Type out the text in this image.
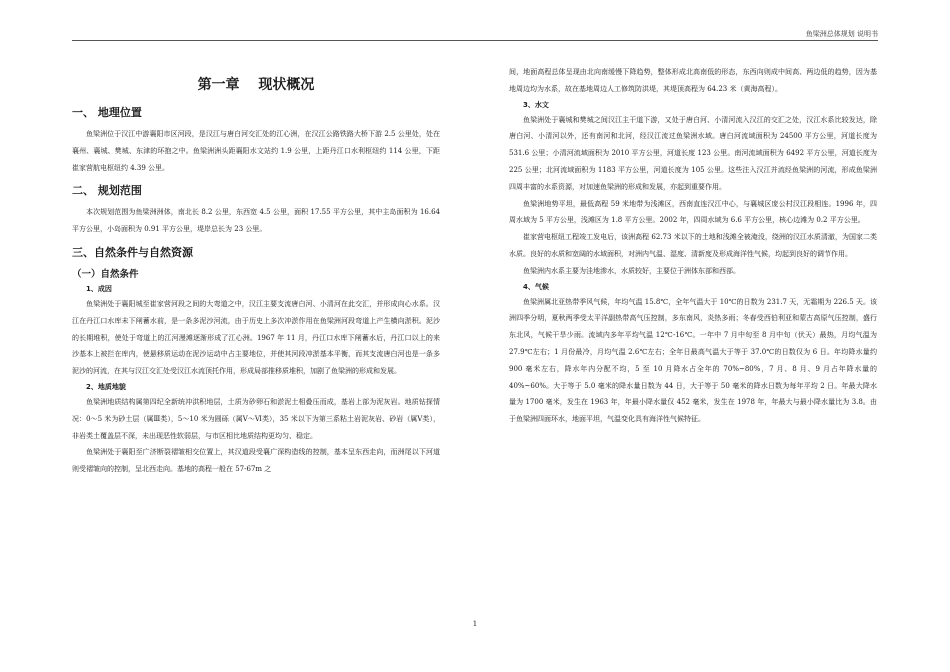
鱼梁洲总体规划 说明书
第一章 现状概况
一、 地理位置

鱼梁洲位于汉江中游襄阳市区河段，是汉江与唐白河交汇处的江心洲，在汉江公路铁路大桥下游 2.5 公里处，处在襄州、襄城、樊城、东津的环抱之中。鱼梁洲洲头距襄阳水文站约 1.9 公里，上距丹江口水利枢纽约 114 公里，下距崔家营航电枢纽约 4.39 公里。

二、 规划范围

本次规划范围为鱼梁洲洲体，南北长 8.2 公里，东西宽 4.5 公里，面积 17.55 平方公里，其中主岛面积为 16.64 平方公里，小岛面积为 0.91 平方公里，堤岸总长为 23 公里。

三、自然条件与自然资源
（一）自然条件
1、成因

鱼梁洲处于襄阳城至崔家营河段之间的大弯道之中，汉江主要支流唐白河、小清河在此交汇，并形成向心水系。汉江在丹江口水库未下闸蓄水前，是一条多泥沙河流，由于历史上多次冲淤作用在鱼梁洲河段弯道上产生横向淤积。泥沙的长期堆积，使处于弯道上的江河漫滩逐渐形成了江心洲。1967 年 11 月，丹江口水库下闸蓄水后，丹江口以上的来沙基本上被拦在库内，使悬移质运动在泥沙运动中占主要地位，并使其河段冲淤基本平衡，而其支流唐白河也是一条多泥沙的河流，在其与汉江交汇处受汉江水流顶托作用，形成局部推移质堆积，加剧了鱼梁洲的形成和发展。

2、地质地貌

鱼梁洲地质结构属第四纪全新统冲洪积地层，土质为砂卵石和淤泥土相叠压而成，基岩上部为泥灰岩。地质钻探情况：0～5 米为砂土层（属Ⅲ类），5～10 米为圆砾（属Ⅴ～Ⅵ类），35 米以下为第三系粘土岩泥灰岩、砂岩（属Ⅴ类），非岩类土覆盖层不深，未出现恶性软弱层，与市区相比地质结构更均匀、稳定。

鱼梁洲处于襄阳至广济断裂褶皱相交位置上，其汉道段受襄广深构造线的控制，基本呈东西走向，而洲尾以下河道则受褶皱向的控制，呈北西走向。基地的高程一般在 57-67m 之

间，地面高程总体呈现由北向南缓慢下降趋势，整体形成北高南低的形态，东西向则成中间高、两边低的趋势，因为基地周边均为水系，故在基地周边人工修筑防洪堤，其堤顶高程为 64.23 米（黄海高程）。

3、水文

鱼梁洲处于襄城和樊城之间汉江主干道下游，又处于唐白河、小清河流入汉江的交汇之处，汉江水系比较发达，除唐白河、小清河以外，还有南河和北河，经汉江流过鱼梁洲水域。唐白河流域面积为 24500 平方公里，河道长度为 531.6 公里；小清河流域面积为 2010 平方公里，河道长度 123 公里。南河流域面积为 6492 平方公里，河道长度为 225 公里；北河流域面积为 1183 平方公里，河道长度为 105 公里。这些注入汉江并流经鱼梁洲的河流，形成鱼梁洲四周丰富的水系资源，对加速鱼梁洲的形成和发展，亦起到重要作用。

鱼梁洲地势平坦，最低高程 59 米地带为浅滩区，西南直连汉江中心，与襄城区庞公村汉江段相连。1996 年，四周水域为 5 平方公里，浅滩区为 1.8 平方公里。2002 年，四周水域为 6.6 平方公里，核心边滩为 0.2 平方公里。

崔家营电枢纽工程竣工发电后，该洲高程 62.73 米以下的土地和浅滩全被淹没，绕洲的汉江水质清澈，为国家二类水质。良好的水质和宽阔的水域面积，对洲内气温、湿度、清新度及形成海洋性气候，均起到良好的调节作用。

鱼梁洲内水系主要为洼地渗水，水质较好，主要位于洲体东部和西部。

4、气候

鱼梁洲属北亚热带季风气候，年均气温 15.8℃，全年气温大于 10℃的日数为 231.7 天，无霜期为 226.5 天。该洲四季分明，夏秋两季受太平洋副热带高气压控制，多东南风，炎热多雨；冬春受西伯利亚和蒙古高原气压控制，盛行东北风，气候干旱少雨。流域内多年平均气温 12℃-16℃。一年中 7 月中旬至 8 月中旬（伏天）最热，月均气温为 27.9℃左右；1 月份最冷，月均气温 2.6℃左右；全年日最高气温大于等于 37.0℃的日数仅为 6 日。年均降水量约 900 毫米左右，降水年内分配不均，5 至 10 月降水占全年的 70%~80%，7 月、8 月、9 月占年降水量的 40%~60%。大于等于 5.0 毫米的降水量日数为 44 日，大于等于 50 毫米的降水日数为每年平均 2 日。年最大降水量为 1700 毫米，发生在 1963 年，年最小降水量仅 452 毫米，发生在 1978 年，年最大与最小降水量比为 3.8。由于鱼梁洲四面环水，地面平坦，气温变化具有海洋性气候特征。

1
